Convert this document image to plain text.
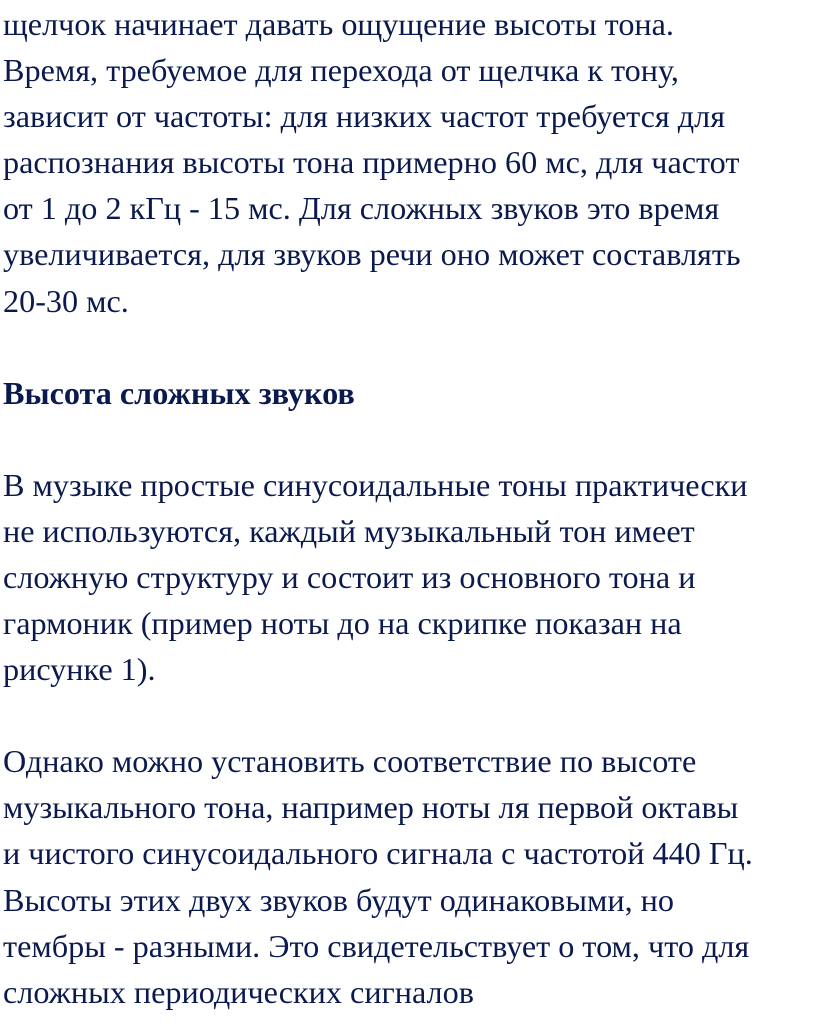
щелчок начинает давать ощущение высоты тона.
Время, требуемое для перехода от щелчка к тону,
зависит от частоты: для низких частот требуется для
распознания высоты тона примерно 60 мс, для частот
от 1 до 2 кГц - 15 мс. Для сложных звуков это время
увеличивается, для звуков речи оно может составлять
20-30 мс.
Высота сложных звуков
В музыке простые синусоидальные тоны практически
не используются, каждый музыкальный тон имеет
сложную структуру и состоит из основного тона и
гармоник (пример ноты до на скрипке показан на
рисунке 1).
Однако можно установить соответствие по высоте
музыкального тона, например ноты ля первой октавы
и чистого синусоидального сигнала с частотой 440 Гц.
Высоты этих двух звуков будут одинаковыми, но
тембры - разными. Это свидетельствует о том, что для
сложных периодических сигналов
